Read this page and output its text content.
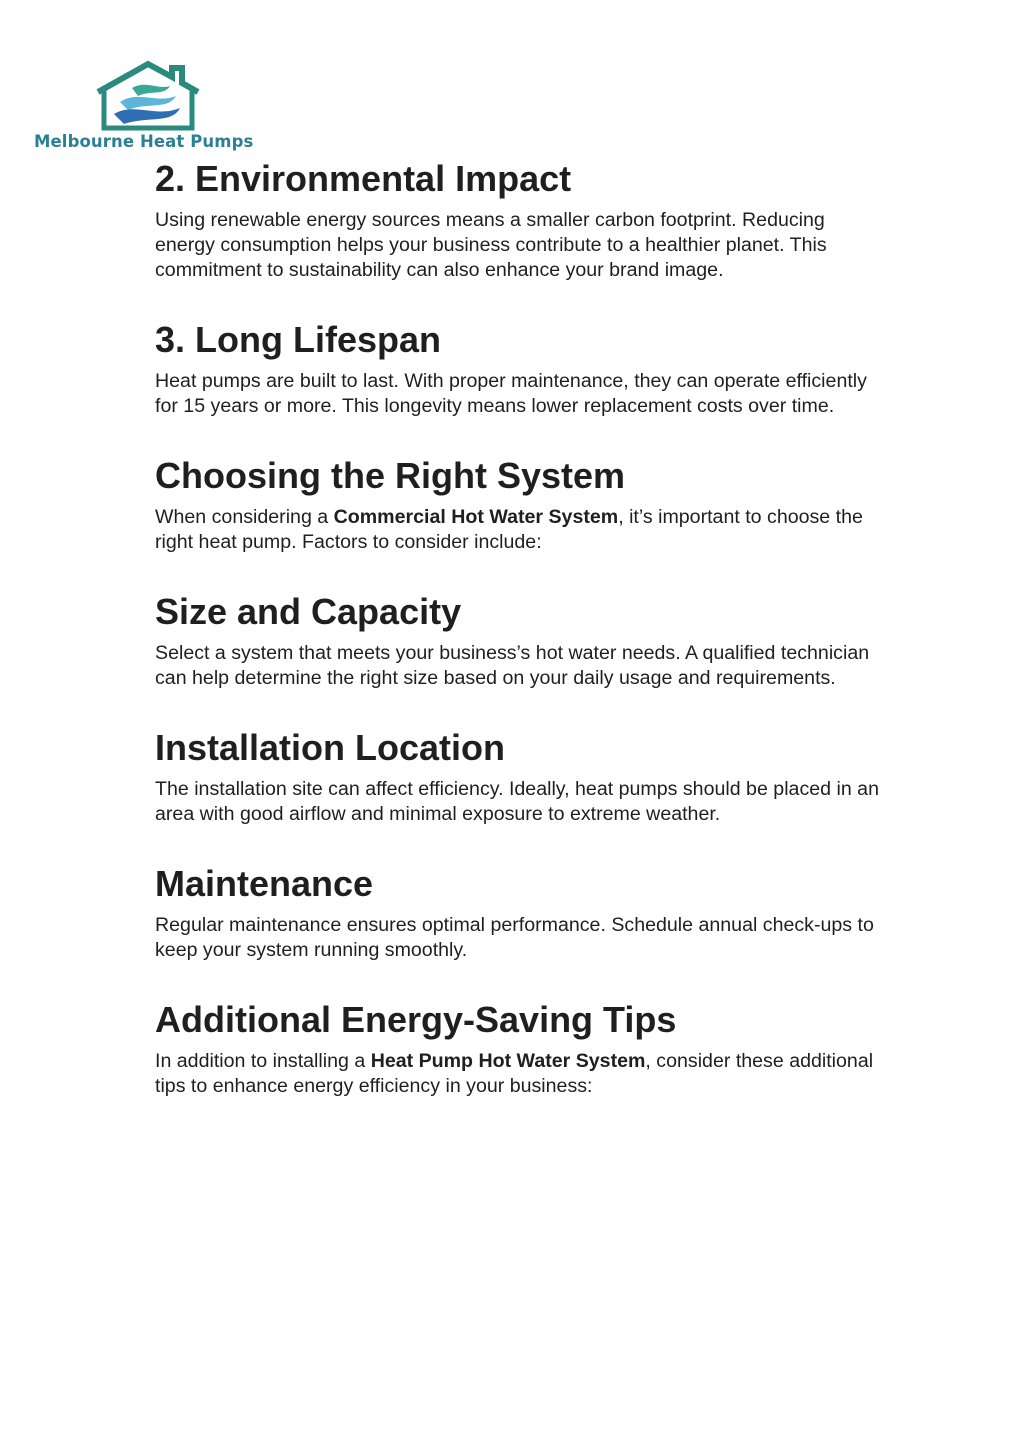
Melbourne Heat Pumps
2. Environmental Impact

Using renewable energy sources means a smaller carbon footprint. Reducing energy consumption helps your business contribute to a healthier planet. This commitment to sustainability can also enhance your brand image.

3. Long Lifespan

Heat pumps are built to last. With proper maintenance, they can operate efficiently for 15 years or more. This longevity means lower replacement costs over time.

Choosing the Right System

When considering a Commercial Hot Water System, it’s important to choose the right heat pump. Factors to consider include:

Size and Capacity

Select a system that meets your business’s hot water needs. A qualified technician can help determine the right size based on your daily usage and requirements.

Installation Location

The installation site can affect efficiency. Ideally, heat pumps should be placed in an area with good airflow and minimal exposure to extreme weather.

Maintenance

Regular maintenance ensures optimal performance. Schedule annual check-ups to keep your system running smoothly.

Additional Energy-Saving Tips

In addition to installing a Heat Pump Hot Water System, consider these additional tips to enhance energy efficiency in your business:
